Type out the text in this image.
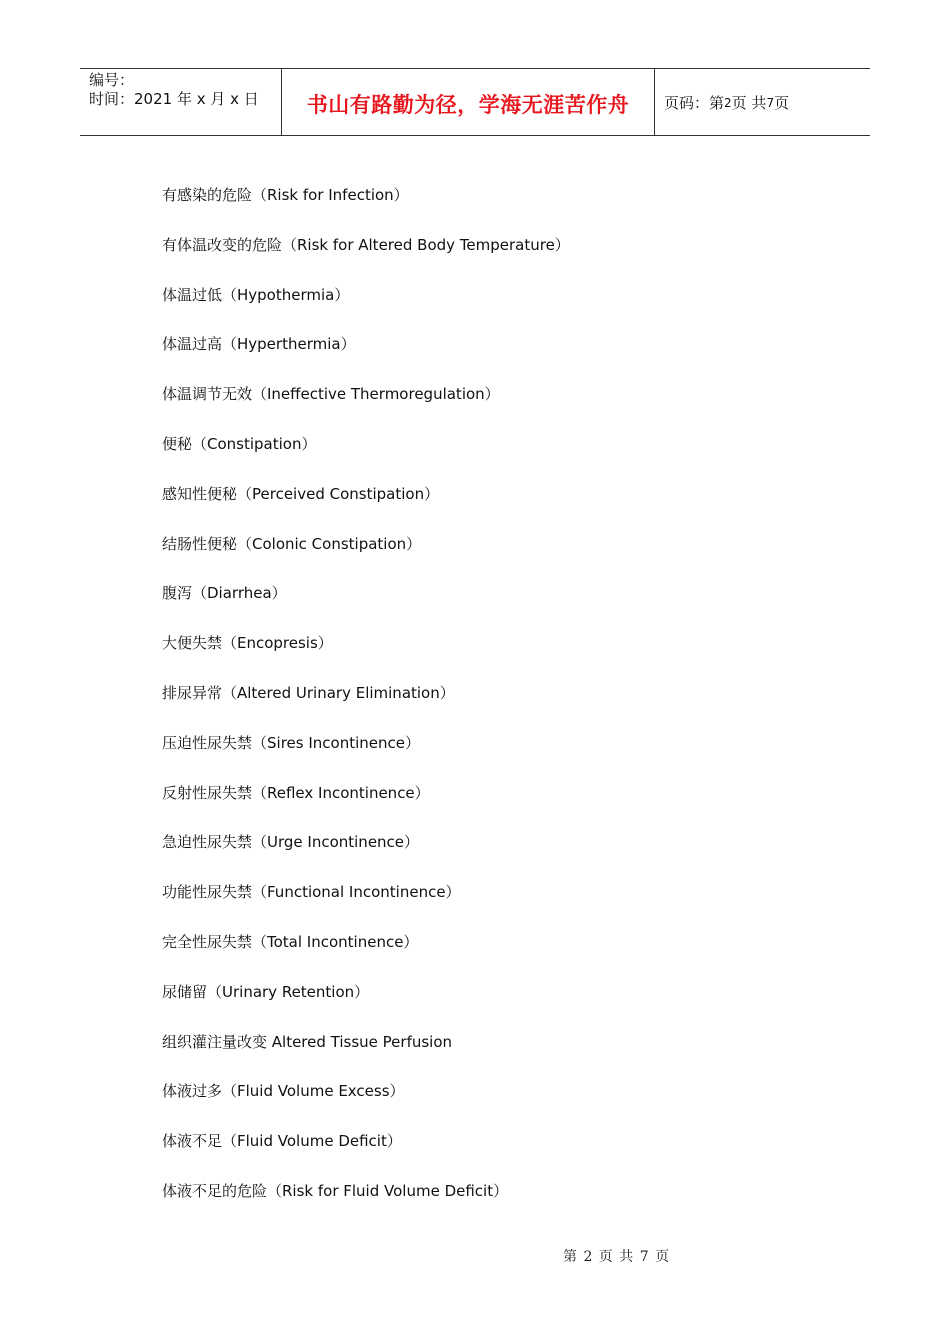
编号：
时间：2021 年 x 月 x 日	书山有路勤为径，学海无涯苦作舟 页码：第 2 页 共 7 页
有感染的危险（Risk for Infection）
有体温改变的危险（Risk for Altered Body Temperature）
体温过低（Hypothermia）
体温过高（Hyperthermia）
体温调节无效（Ineffective Thermoregulation）
便秘（Constipation）
感知性便秘（Perceived Constipation）
结肠性便秘（Colonic Constipation）
腹泻（Diarrhea）
大便失禁（Encopresis）
排尿异常（Altered Urinary Elimination）
压迫性尿失禁（Sires Incontinence）
反射性尿失禁（Reflex Incontinence）
急迫性尿失禁（Urge Incontinence）
功能性尿失禁（Functional Incontinence）
完全性尿失禁（Total Incontinence）
尿储留（Urinary Retention）
组织灌注量改变 Altered Tissue Perfusion
体液过多（Fluid Volume Excess）
体液不足（Fluid Volume Deficit）
体液不足的危险（Risk for Fluid Volume Deficit）
第 2 页 共 7 页
